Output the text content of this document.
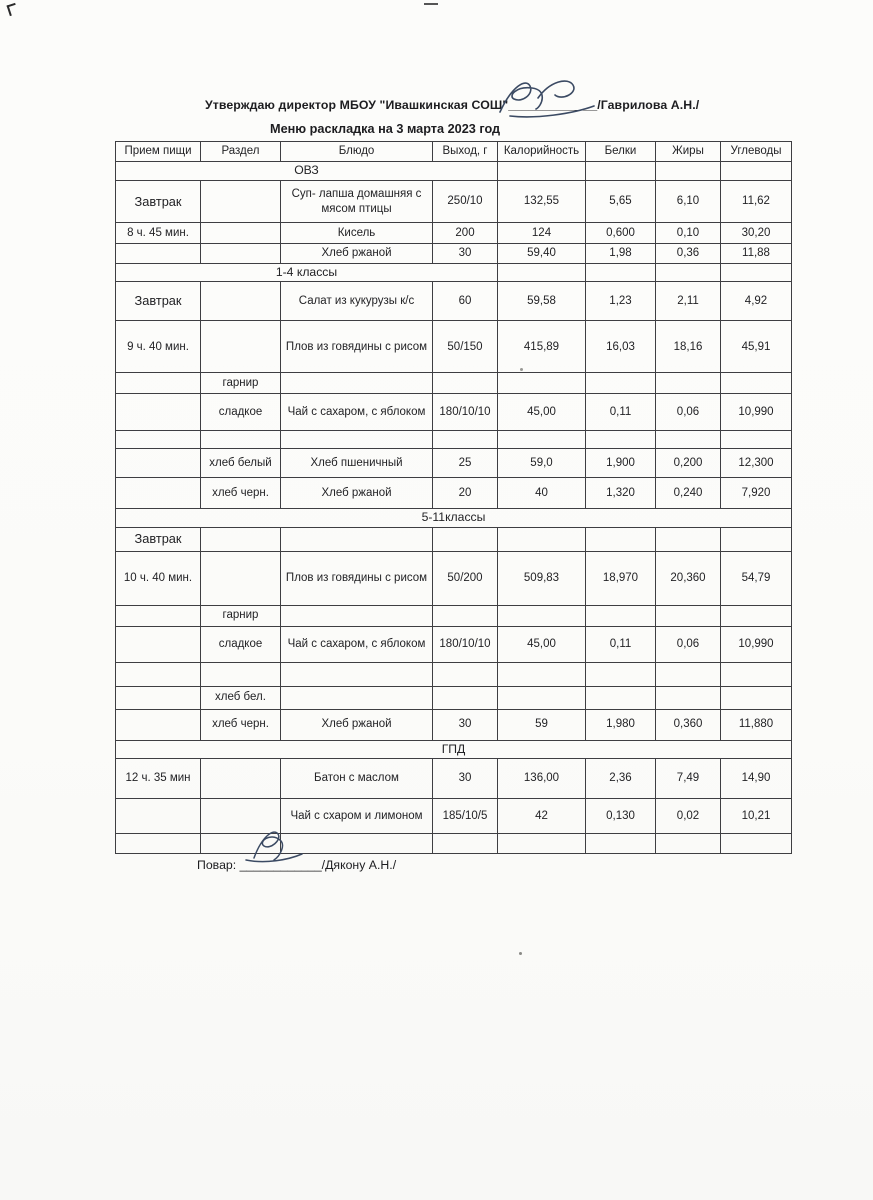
Утверждаю директор МБОУ "Ивашкинская СОШ"_____________/Гаврилова А.Н./
Меню раскладка на 3 марта 2023 год
Прием пищи	Раздел	Блюдо	Выход, г	Калорийность	Белки	Жиры	Углеводы
ОВЗ							
Завтрак		Суп- лапша домашняя с мясом птицы	250/10	132,55	5,65	6,10	11,62
8 ч. 45 мин.		Кисель	200	124	0,600	0,10	30,20
		Хлеб ржаной	30	59,40	1,98	0,36	11,88
1-4 классы							
Завтрак		Салат из кукурузы к/с	60	59,58	1,23	2,11	4,92
9 ч. 40 мин.		Плов из говядины с рисом	50/150	415,89	16,03	18,16	45,91
	гарнир						
	сладкое	Чай с сахаром, с яблоком	180/10/10	45,00	0,11	0,06	10,990

	хлеб белый	Хлеб пшеничный	25	59,0	1,900	0,200	12,300
	хлеб черн.	Хлеб ржаной	20	40	1,320	0,240	7,920
5-11классы							
Завтрак							
10 ч. 40 мин.		Плов из говядины с рисом	50/200	509,83	18,970	20,360	54,79
	гарнир						
	сладкое	Чай с сахаром, с яблоком	180/10/10	45,00	0,11	0,06	10,990

	хлеб бел.						
	хлеб черн.	Хлеб ржаной	30	59	1,980	0,360	11,880
ГПД							
12 ч. 35 мин		Батон с маслом	30	136,00	2,36	7,49	14,90
		Чай с схаром и лимоном	185/10/5	42	0,130	0,02	10,21

Повар: ____________/Дякону А.Н./
